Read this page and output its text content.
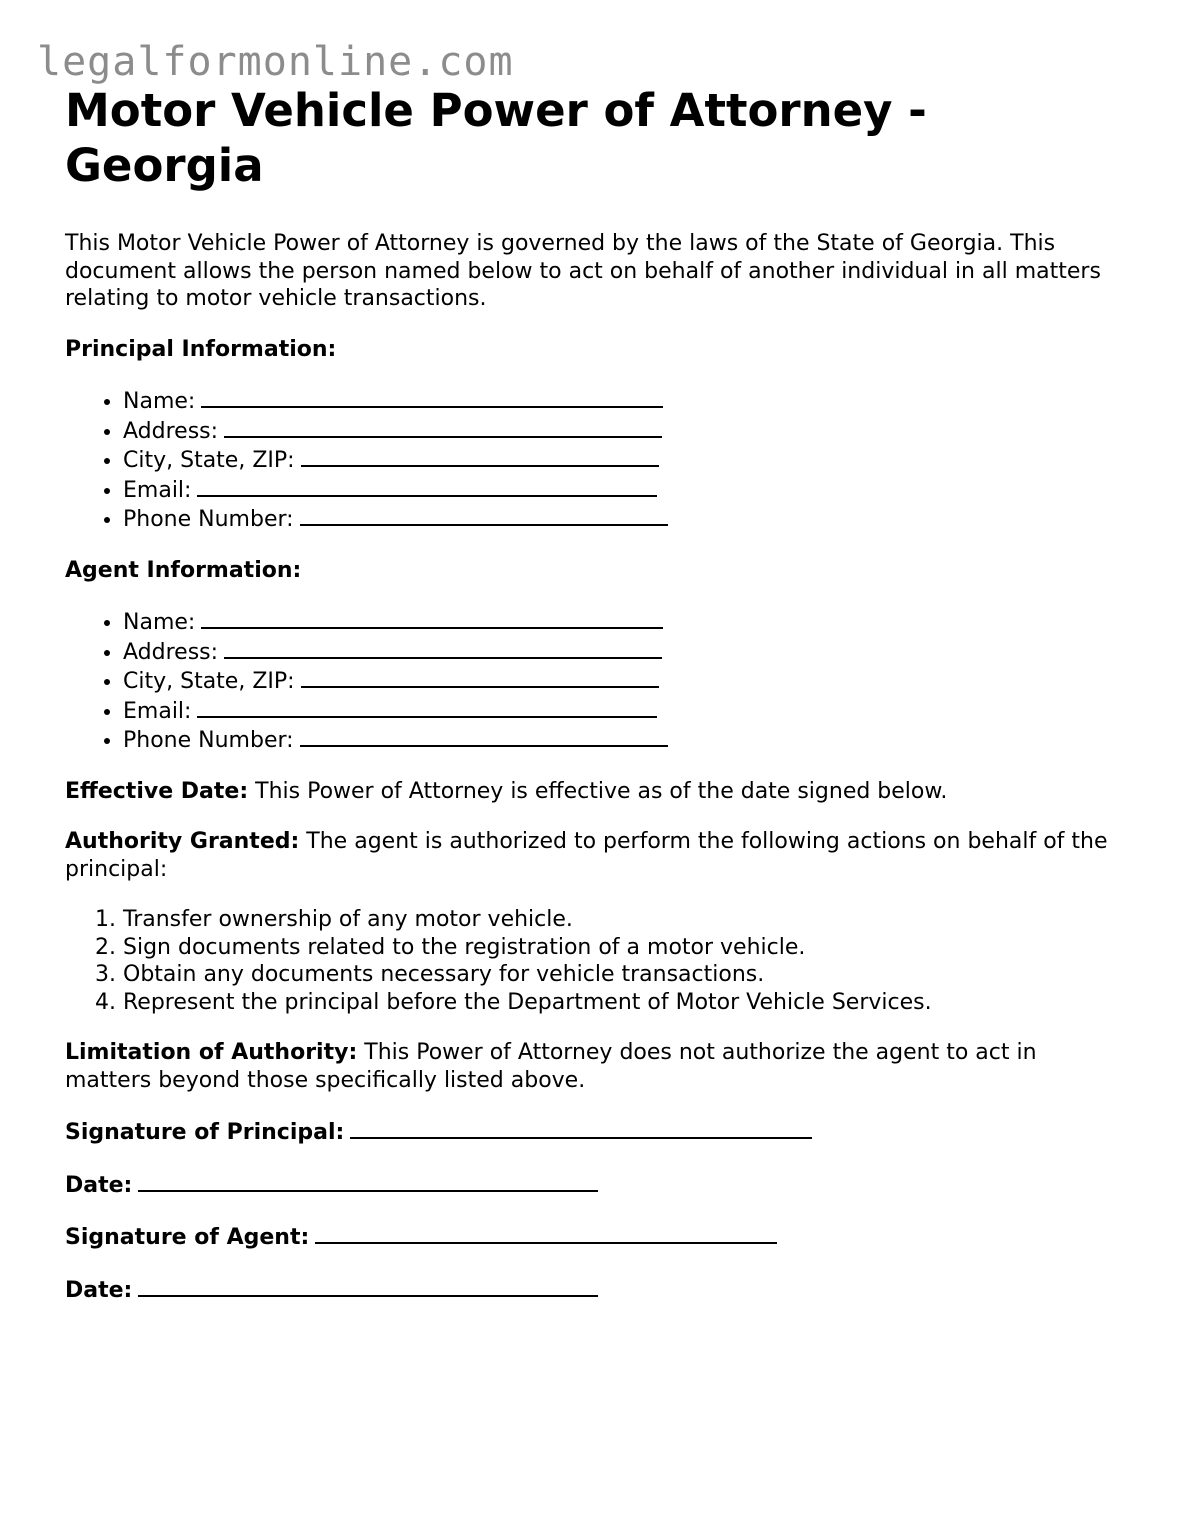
legalformonline.com
Motor Vehicle Power of Attorney - Georgia

This Motor Vehicle Power of Attorney is governed by the laws of the State of Georgia. This document allows the person named below to act on behalf of another individual in all matters relating to motor vehicle transactions.

Principal Information:

• Name:
• Address:
• City, State, ZIP:
• Email:
• Phone Number:

Agent Information:

• Name:
• Address:
• City, State, ZIP:
• Email:
• Phone Number:

Effective Date: This Power of Attorney is effective as of the date signed below.

Authority Granted: The agent is authorized to perform the following actions on behalf of the principal:

1. Transfer ownership of any motor vehicle.
2. Sign documents related to the registration of a motor vehicle.
3. Obtain any documents necessary for vehicle transactions.
4. Represent the principal before the Department of Motor Vehicle Services.

Limitation of Authority: This Power of Attorney does not authorize the agent to act in matters beyond those specifically listed above.

Signature of Principal:

Date:

Signature of Agent:

Date:
